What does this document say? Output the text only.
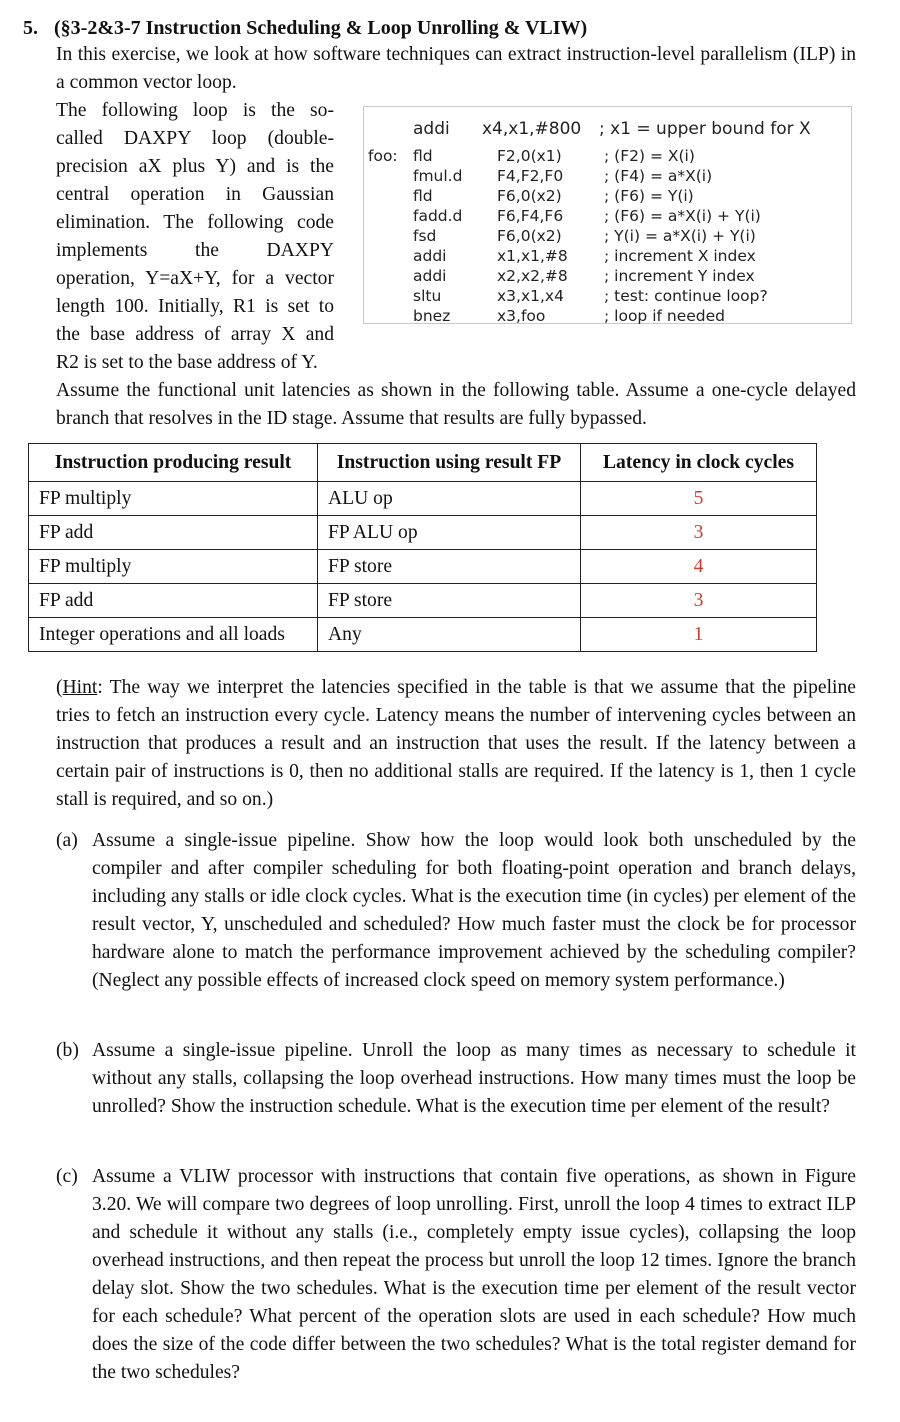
5. (§3-2&3-7 Instruction Scheduling & Loop Unrolling & VLIW)
In this exercise, we look at how software techniques can extract instruction-level parallelism (ILP) in a common vector loop.
The following loop is the so-
called DAXPY loop (double-
precision aX plus Y) and is the
central operation in Gaussian
elimination. The following code
implements the DAXPY
operation, Y=aX+Y, for a vector
length 100. Initially, R1 is set to
the base address of array X and
addi x4,x1,#800 ; x1 = upper bound for X
foo: fld	F2,0(x1)	; (F2) = X(i)
fmul.d F4,F2,F0	; (F4) = a*X(i)
fld	F6,0(x2)	; (F6) = Y(i)
fadd.d F6,F4,F6	; (F6) = a*X(i) + Y(i)
fsd	F6,0(x2)	; Y(i) = a*X(i) + Y(i)
addi	x1,x1,#8 ; increment X index
addi	x2,x2,#8 ; increment Y index
sltu	x3,x1,x4	; test: continue loop?
bnez	x3,foo	; loop if needed
R2 is set to the base address of Y.
Assume the functional unit latencies as shown in the following table. Assume a one-cycle delayed branch that resolves in the ID stage. Assume that results are fully bypassed.
Instruction producing result	Instruction using result FP	Latency in clock cycles
FP multiply	ALU op	5
FP add	FP ALU op	3
FP multiply	FP store	4
FP add	FP store	3
Integer operations and all loads	Any	1
(Hint: The way we interpret the latencies specified in the table is that we assume that the pipeline tries to fetch an instruction every cycle. Latency means the number of intervening cycles between an instruction that produces a result and an instruction that uses the result. If the latency between a certain pair of instructions is 0, then no additional stalls are required. If the latency is 1, then 1 cycle stall is required, and so on.)
(a) Assume a single-issue pipeline. Show how the loop would look both unscheduled by the compiler and after compiler scheduling for both floating-point operation and branch delays, including any stalls or idle clock cycles. What is the execution time (in cycles) per element of the result vector, Y, unscheduled and scheduled? How much faster must the clock be for processor hardware alone to match the performance improvement achieved by the scheduling compiler? (Neglect any possible effects of increased clock speed on memory system performance.)
(b) Assume a single-issue pipeline. Unroll the loop as many times as necessary to schedule it without any stalls, collapsing the loop overhead instructions. How many times must the loop be unrolled? Show the instruction schedule. What is the execution time per element of the result?
(c) Assume a VLIW processor with instructions that contain five operations, as shown in Figure 3.20. We will compare two degrees of loop unrolling. First, unroll the loop 4 times to extract ILP and schedule it without any stalls (i.e., completely empty issue cycles), collapsing the loop overhead instructions, and then repeat the process but unroll the loop 12 times. Ignore the branch delay slot. Show the two schedules. What is the execution time per element of the result vector for each schedule? What percent of the operation slots are used in each schedule? How much does the size of the code differ between the two schedules? What is the total register demand for the two schedules?
